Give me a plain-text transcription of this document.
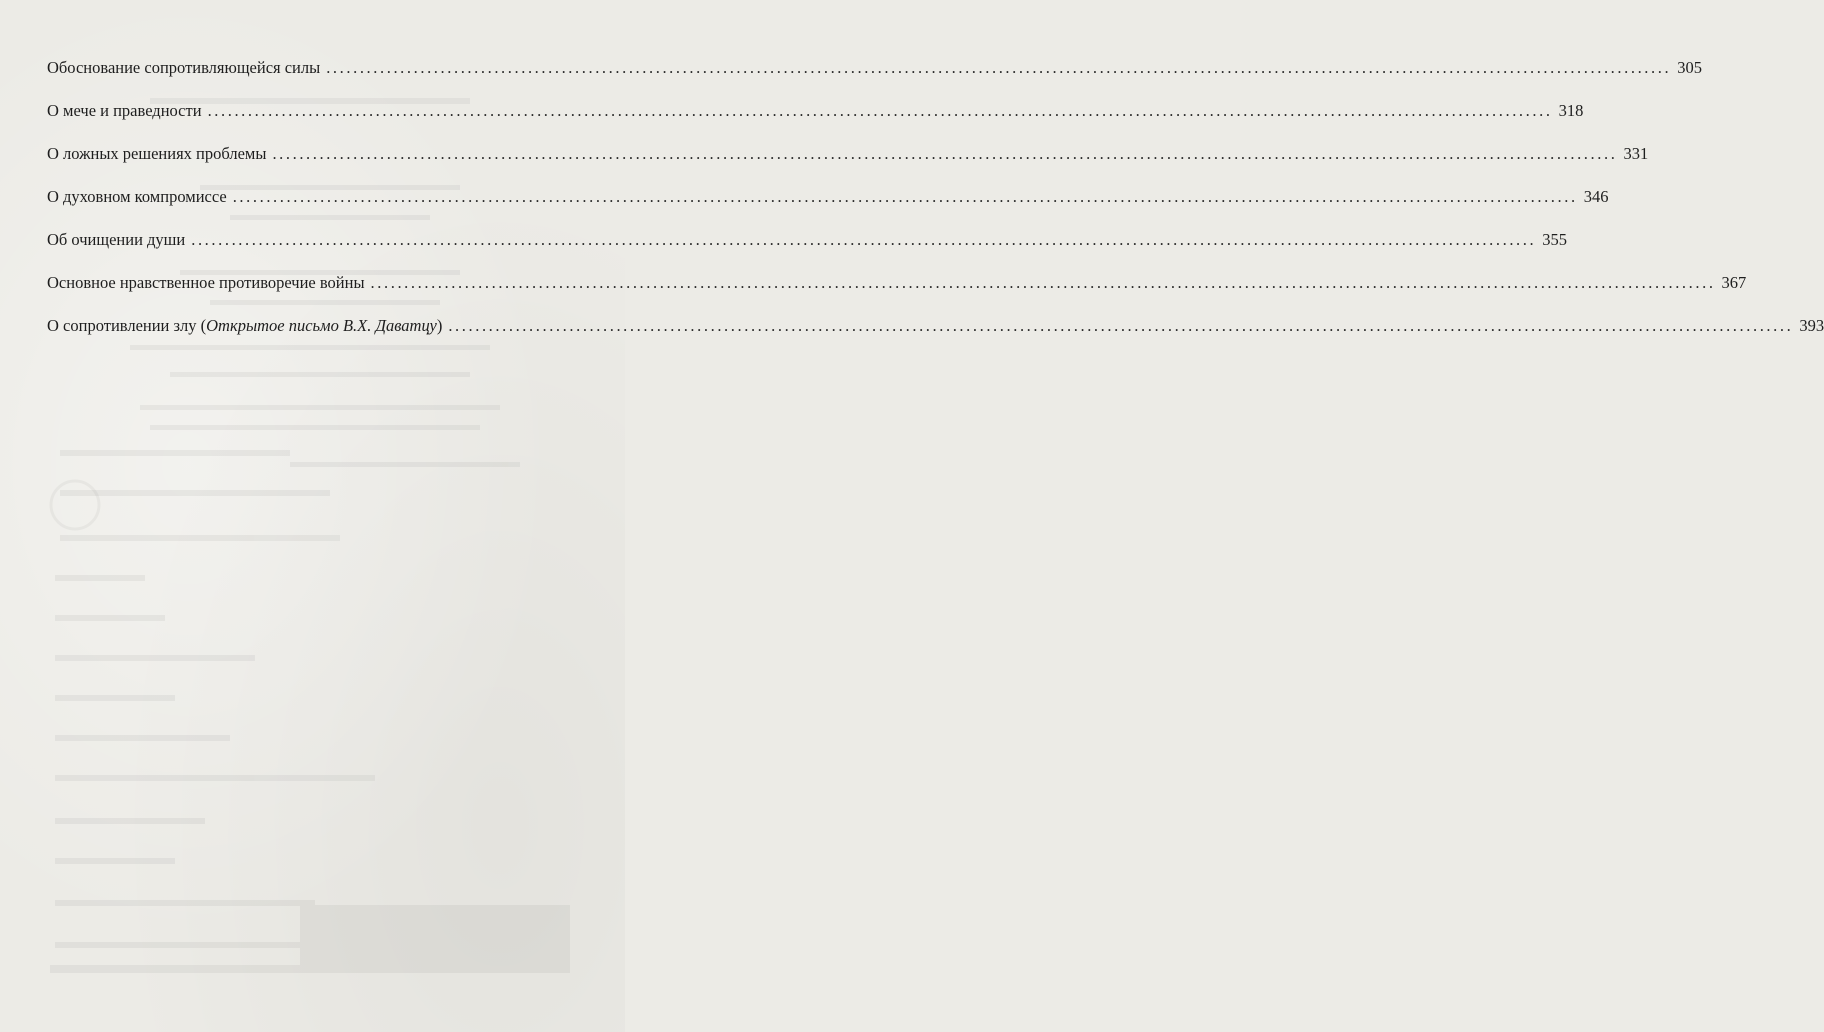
Обоснование сопротивляющейся силы ........................................................................................................................................................................................................ 305
О мече и праведности ........................................................................................................................................................................................................ 318
О ложных решениях проблемы ........................................................................................................................................................................................................ 331
О духовном компромиссе ........................................................................................................................................................................................................ 346
Об очищении души ........................................................................................................................................................................................................ 355
Основное нравственное противоречие войны ........................................................................................................................................................................................................ 367
О сопротивлении злу (Открытое письмо В.Х. Даватцу) ........................................................................................................................................................................................................ 393
